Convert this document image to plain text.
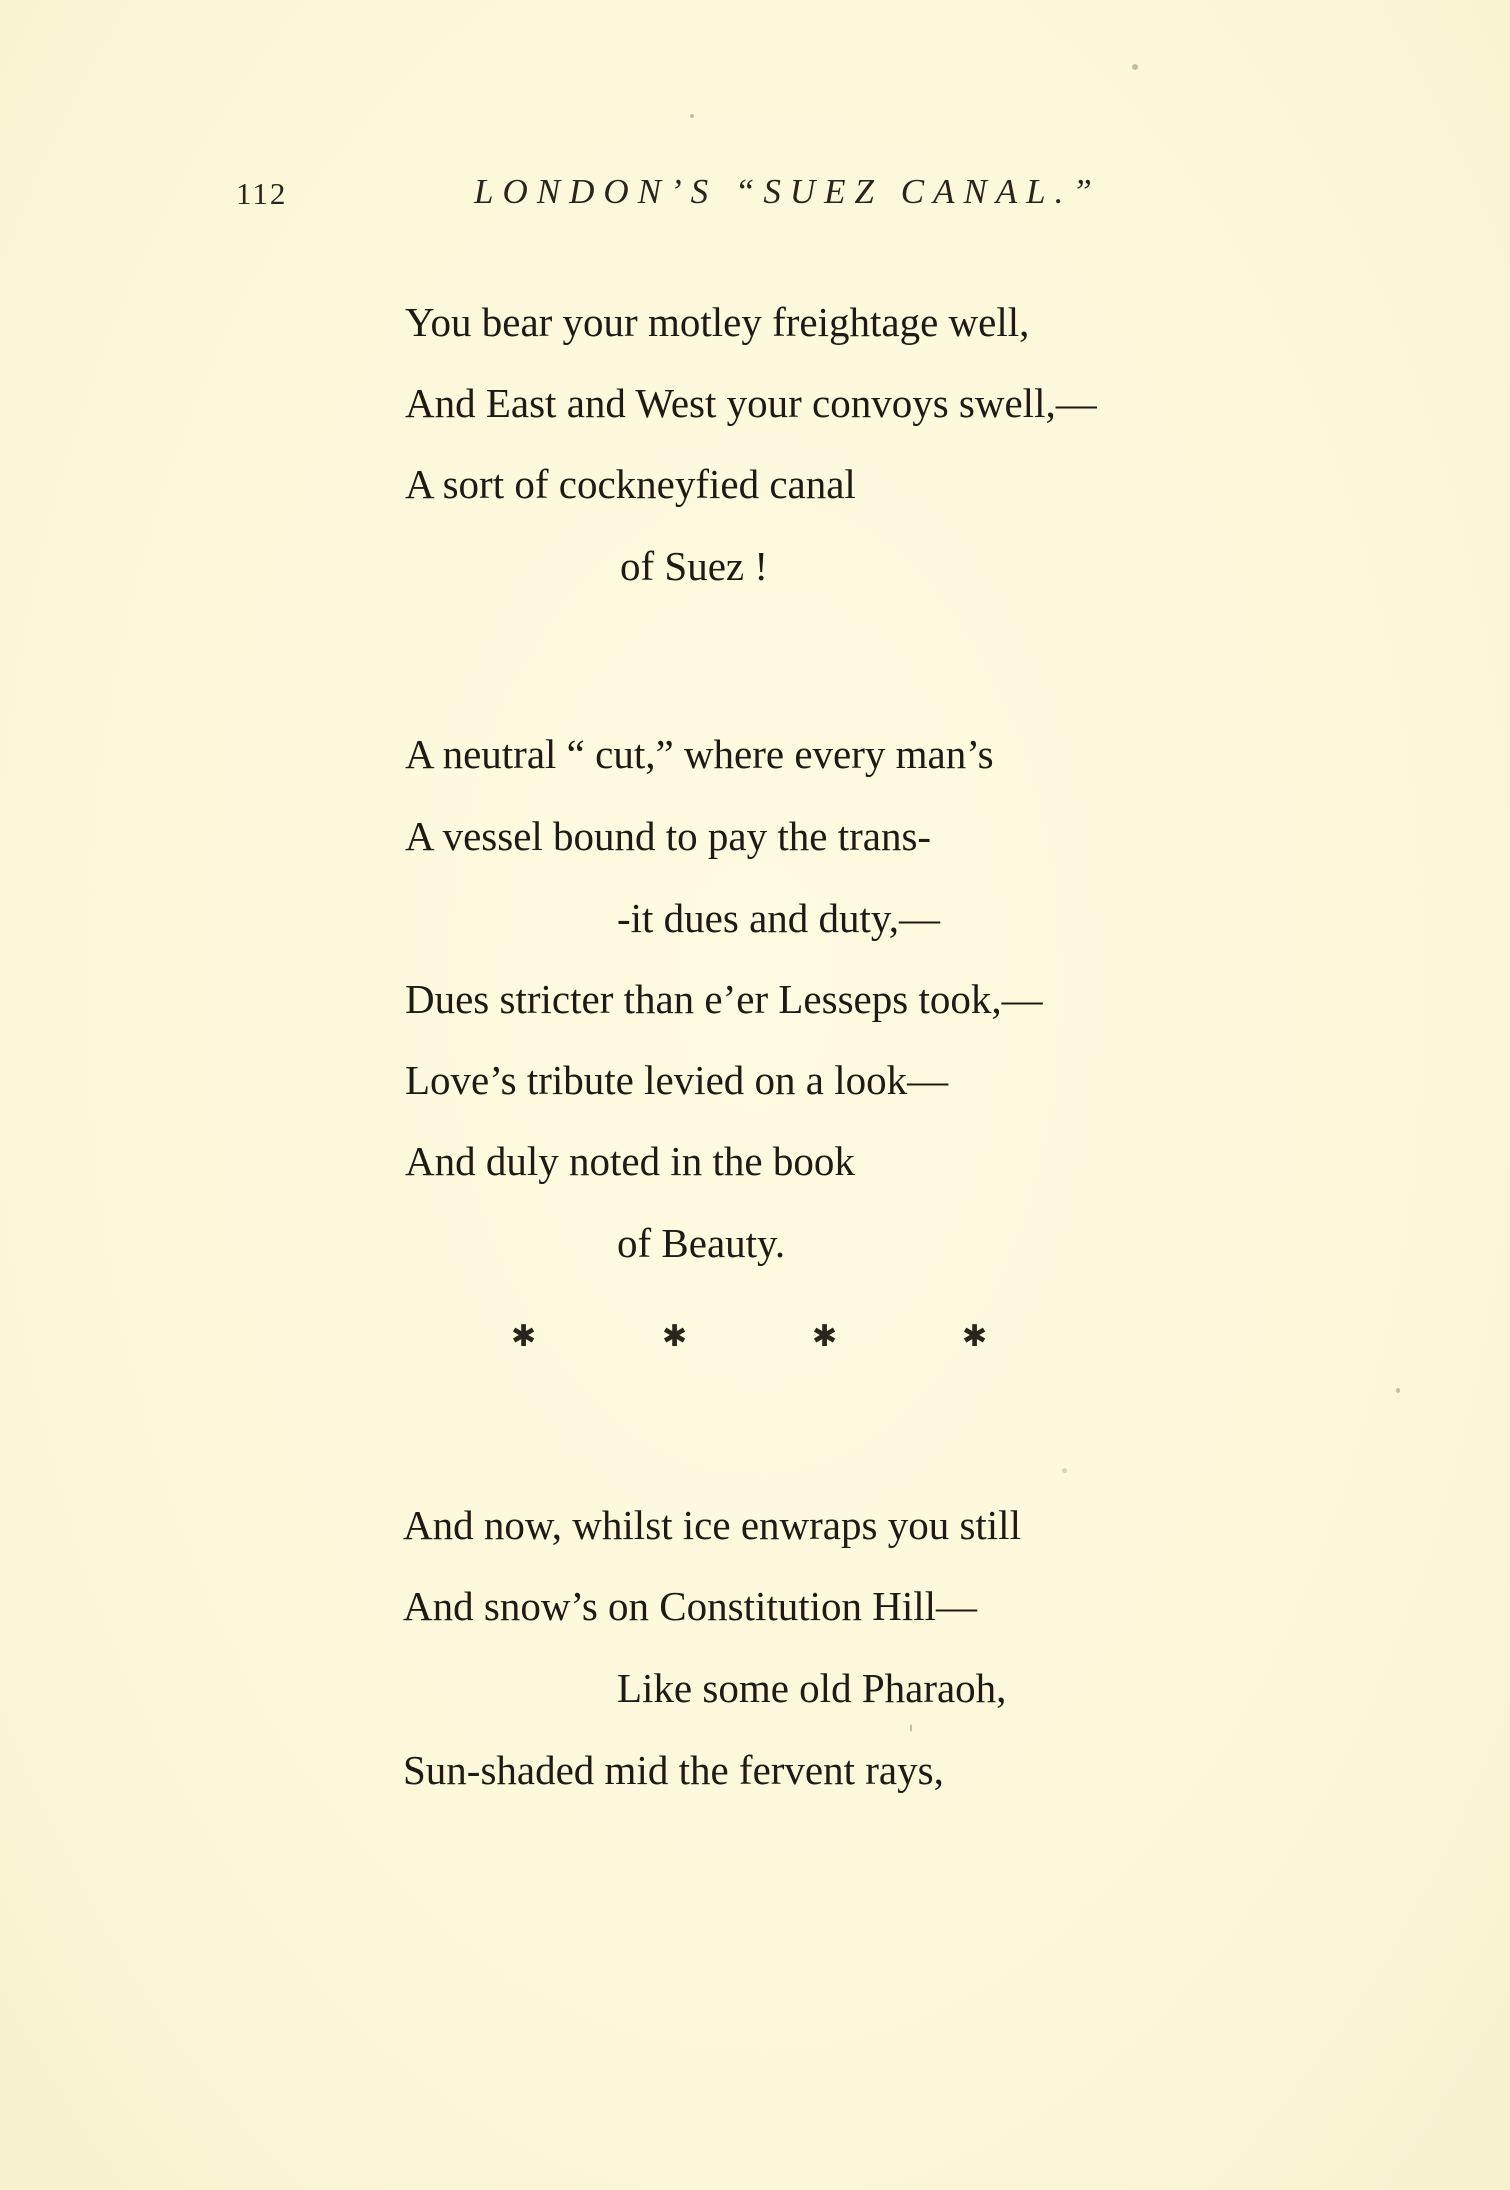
112	LONDON’S “SUEZ CANAL.”
You bear your motley freightage well,
And East and West your convoys swell,—
A sort of cockneyfied canal
of Suez !
A neutral “ cut,” where every man’s
A vessel bound to pay the trans-
-it dues and duty,—
Dues stricter than e’er Lesseps took,—
Love’s tribute levied on a look—
And duly noted in the book
of Beauty.
✱	✱	✱	✱
And now, whilst ice enwraps you still
And snow’s on Constitution Hill—
Like some old Pharaoh,
Sun-shaded mid the fervent rays,
